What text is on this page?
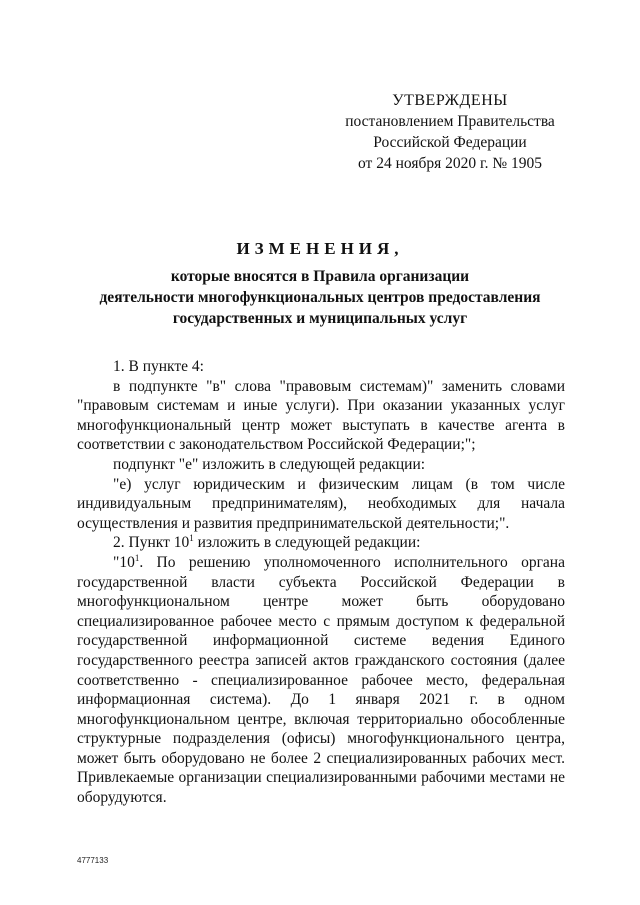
УТВЕРЖДЕНЫ
постановлением Правительства
Российской Федерации
от 24 ноября 2020 г. № 1905
ИЗМЕНЕНИЯ,
которые вносятся в Правила организации
деятельности многофункциональных центров предоставления
государственных и муниципальных услуг

1. В пункте 4:

в подпункте "в" слова "правовым системам)" заменить словами "правовым системам и иные услуги). При оказании указанных услуг многофункциональный центр может выступать в качестве агента в соответствии с законодательством Российской Федерации;";

подпункт "е" изложить в следующей редакции:

"е) услуг юридическим и физическим лицам (в том числе индивидуальным предпринимателям), необходимых для начала осуществления и развития предпринимательской деятельности;".

2. Пункт $10^1$ изложить в следующей редакции:

"$10^1$. По решению уполномоченного исполнительного органа государственной власти субъекта Российской Федерации в многофункциональном центре может быть оборудовано специализированное рабочее место с прямым доступом к федеральной государственной информационной системе ведения Единого государственного реестра записей актов гражданского состояния (далее соответственно - специализированное рабочее место, федеральная информационная система). До 1 января 2021 г. в одном многофункциональном центре, включая территориально обособленные структурные подразделения (офисы) многофункционального центра, может быть оборудовано не более 2 специализированных рабочих мест. Привлекаемые организации специализированными рабочими местами не оборудуются.

4777133
